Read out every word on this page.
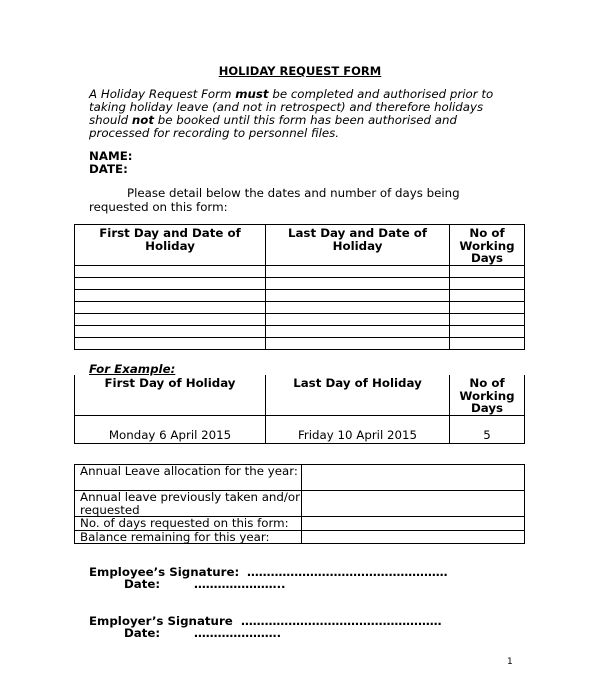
HOLIDAY REQUEST FORM
A Holiday Request Form must be completed and authorised prior to taking holiday leave (and not in retrospect) and therefore holidays should not be booked until this form has been authorised and processed for recording to personnel files.
NAME:
DATE:
Please detail below the dates and number of days being requested on this form:
First Day and Date of Holiday	Last Day and Date of Holiday	No of Working Days

For Example:
First Day of Holiday	Last Day of Holiday	No of Working Days
Monday 6 April 2015	Friday 10 April 2015	5
Annual Leave allocation for the year:	
Annual leave previously taken and/or requested	
No. of days requested on this form:	
Balance remaining for this year:	
Employee’s Signature: ……………………………………………
Date:	…………………..
Employer’s Signature ……………………………………………
Date:	………………….
1
